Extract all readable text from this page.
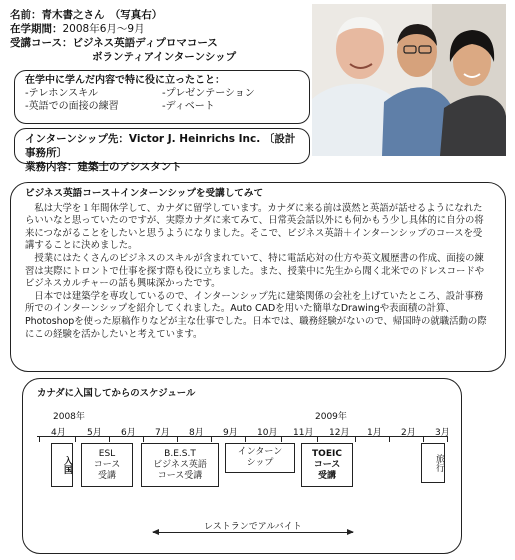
名前： 青木書之さん　（写真右）
在学期間： 2008年6月～9月
受講コース： ビジネス英語ディプロマコース
ボランティアインターンシップ
在学中に学んだ内容で特に役に立ったこと：
-テレホンスキル	-プレゼンテーション
-英語での面接の練習	-ディベート
インターンシップ先：Victor J. Heinrichs Inc. 〔設計事務所〕
業務内容：建築士のアシスタント
ビジネス英語コース＋インターンシップを受講してみて

私は大学を１年間休学して、カナダに留学しています。カナダに来る前は漠然と英語が話せるようになれたらいいなと思っていたのですが、実際カナダに来てみて、日常英会話以外にも何かもう少し具体的に自分の将来につながることをしたいと思うようになりました。そこで、ビジネス英語＋インターンシップのコースを受講することに決めました。

授業にはたくさんのビジネスのスキルが含まれていて、特に電話応対の仕方や英文履歴書の作成、面接の練習は実際にトロントで仕事を探す際も役に立ちました。また、授業中に先生から聞く北米でのドレスコードやビジネスカルチャーの話も興味深かったです。

日本では建築学を専攻しているので、インターンシップ先に建築関係の会社を上げていたところ、設計事務所でのインターンシップを紹介してくれました。Auto CADを用いた簡単なDrawingや表面積の計算、Photoshopを使った原稿作りなどが主な仕事でした。日本では、職務経験がないので、帰国時の就職活動の際にこの経験を活かしたいと考えています。

カナダに入国してからのスケジュール
2008年	2009年
4月 5月 6月 7月 8月 9月 10月 11月 12月 1月 2月 3月
入国
ESL
コース
受講
B.E.S.T
ビジネス英語
コース受講
インターン
シップ
TOEIC
コース
受講
旅行
レストランでアルバイト
